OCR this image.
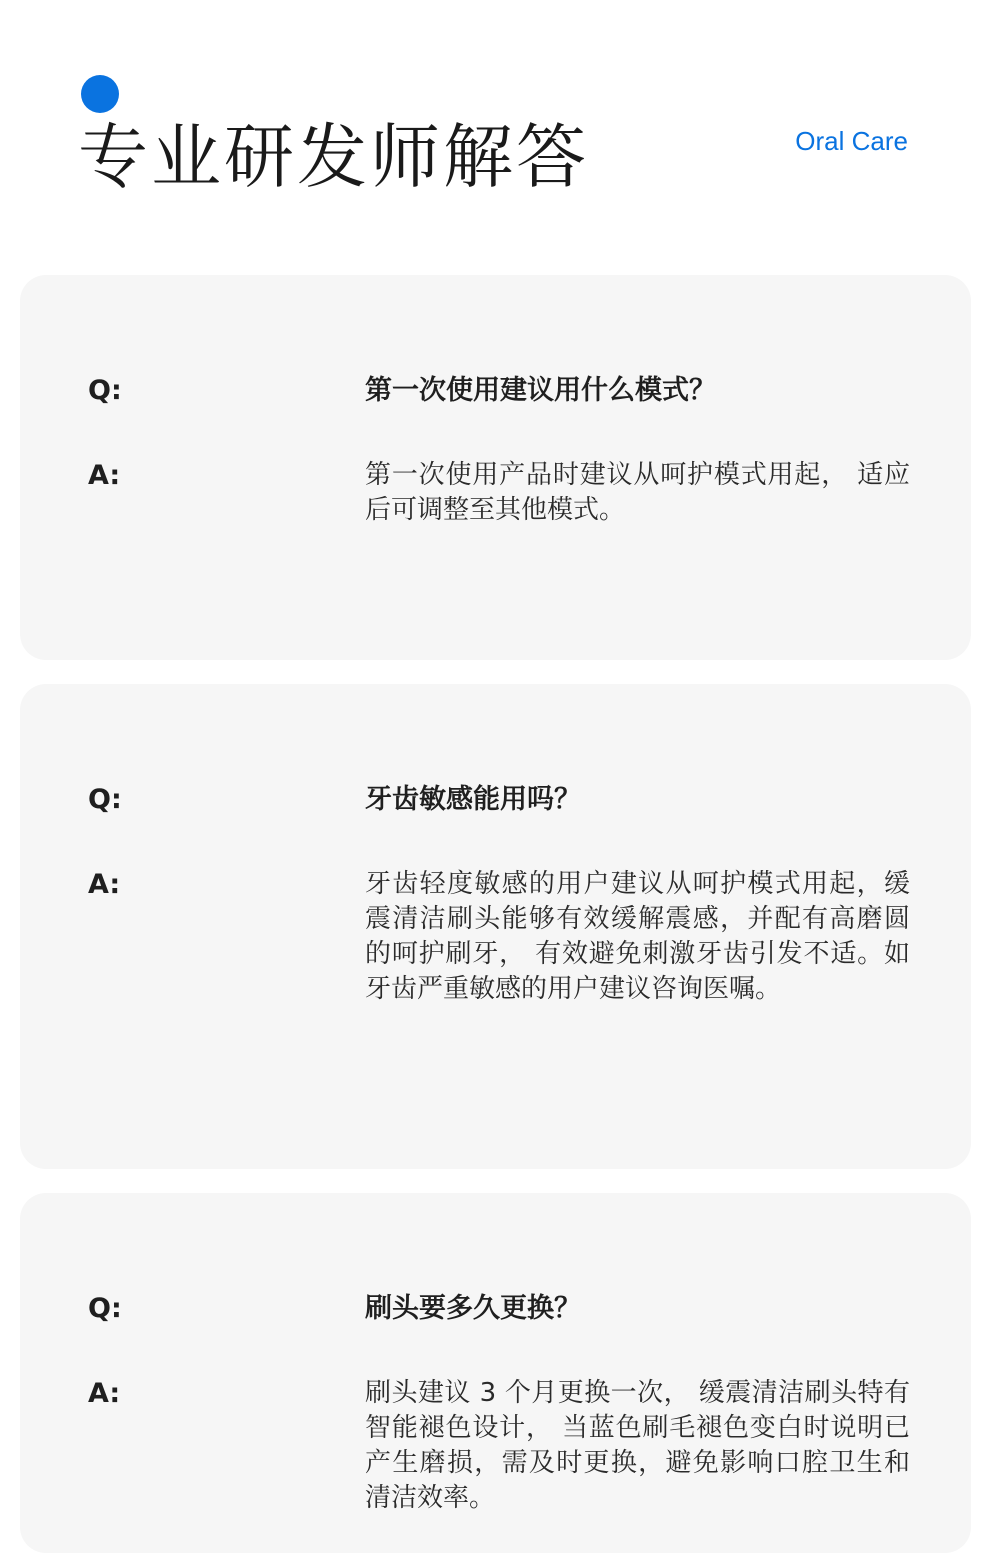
专业研发师解答	Oral Care
Q:	第一次使用建议用什么模式？
A:	第一次使用产品时建议从呵护模式用起， 适应后可调整至其他模式。
Q:	牙齿敏感能用吗？
A:	牙齿轻度敏感的用户建议从呵护模式用起，缓震清洁刷头能够有效缓解震感，并配有高磨圆的呵护刷牙， 有效避免刺激牙齿引发不适。如牙齿严重敏感的用户建议咨询医嘱。
Q:	刷头要多久更换？
A:	刷头建议 3 个月更换一次， 缓震清洁刷头特有智能褪色设计， 当蓝色刷毛褪色变白时说明已产生磨损，需及时更换，避免影响口腔卫生和清洁效率。
